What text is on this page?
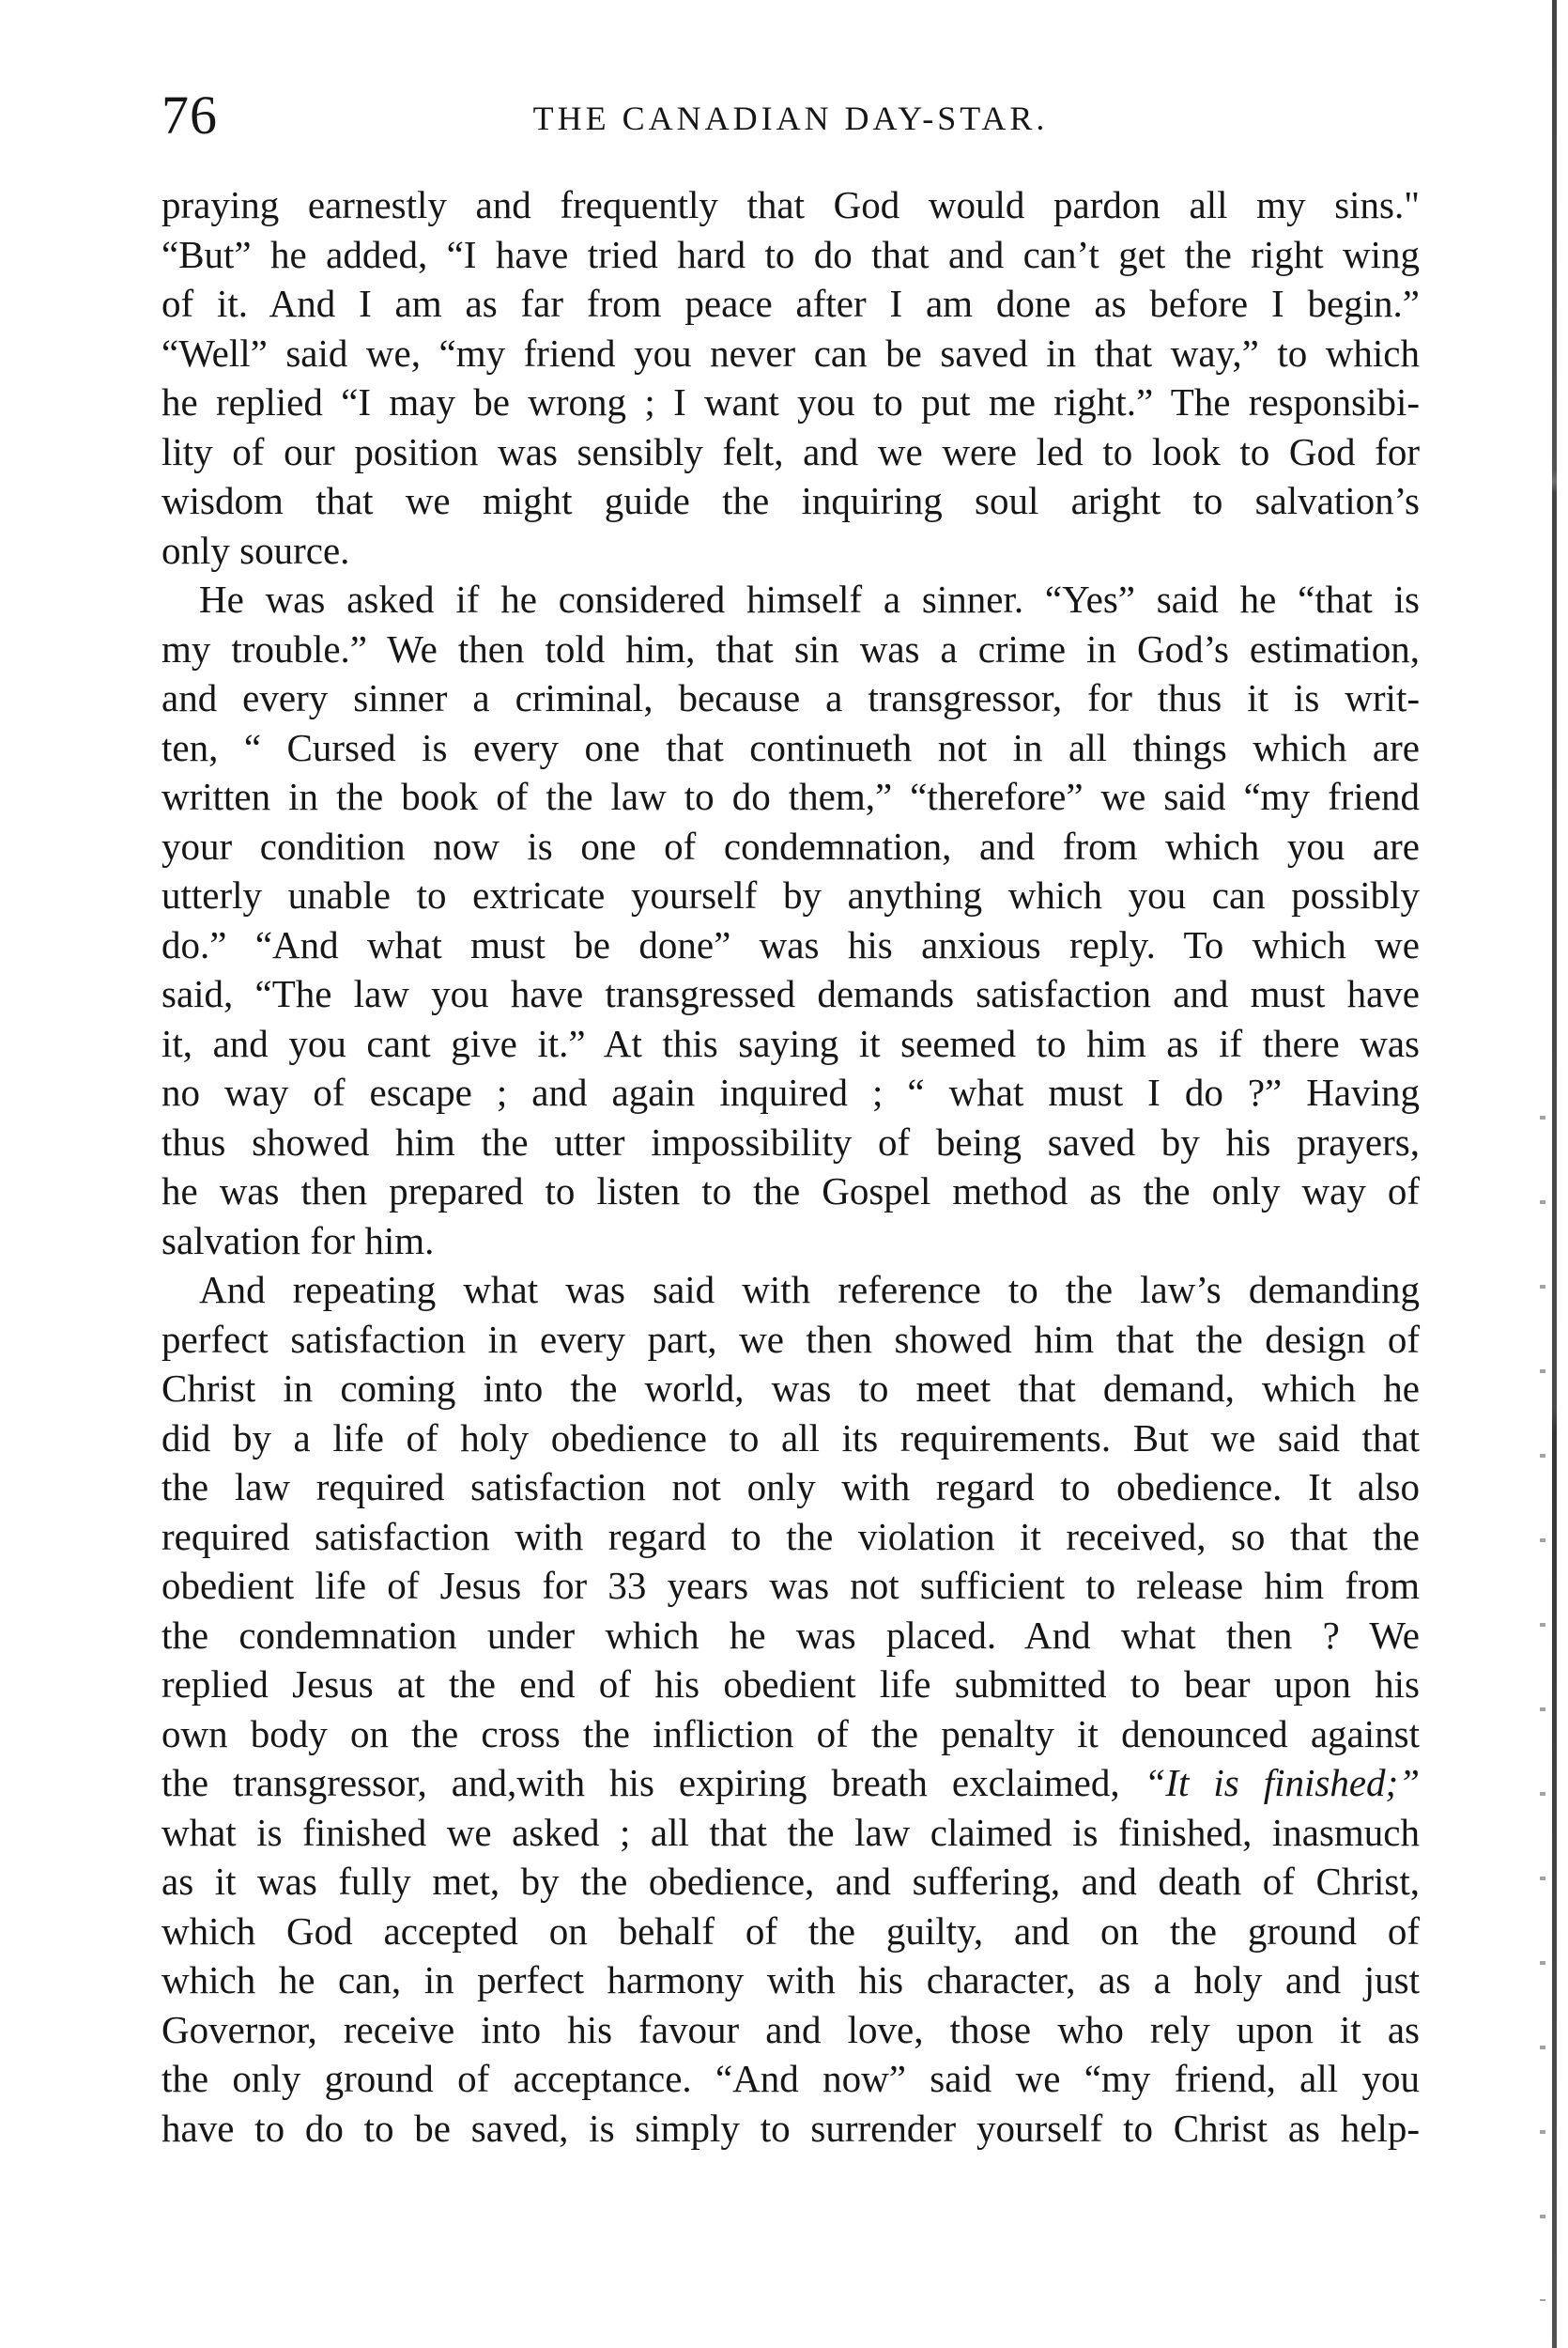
76	THE CANADIAN DAY-STAR.
praying earnestly and frequently that God would pardon all my sins."
“But” he added, “I have tried hard to do that and can’t get the right wing
of it. And I am as far from peace after I am done as before I begin.”
“Well” said we, “my friend you never can be saved in that way,” to which
he replied “I may be wrong ; I want you to put me right.” The responsibi-
lity of our position was sensibly felt, and we were led to look to God for
wisdom that we might guide the inquiring soul aright to salvation’s
only source.
He was asked if he considered himself a sinner. “Yes” said he “that is
my trouble.” We then told him, that sin was a crime in God’s estimation,
and every sinner a criminal, because a transgressor, for thus it is writ-
ten, “ Cursed is every one that continueth not in all things which are
written in the book of the law to do them,” “therefore” we said “my friend
your condition now is one of condemnation, and from which you are
utterly unable to extricate yourself by anything which you can possibly
do.” “And what must be done” was his anxious reply. To which we
said, “The law you have transgressed demands satisfaction and must have
it, and you cant give it.” At this saying it seemed to him as if there was
no way of escape ; and again inquired ; “ what must I do ?” Having
thus showed him the utter impossibility of being saved by his prayers,
he was then prepared to listen to the Gospel method as the only way of
salvation for him.
And repeating what was said with reference to the law’s demanding
perfect satisfaction in every part, we then showed him that the design of
Christ in coming into the world, was to meet that demand, which he
did by a life of holy obedience to all its requirements. But we said that
the law required satisfaction not only with regard to obedience. It also
required satisfaction with regard to the violation it received, so that the
obedient life of Jesus for 33 years was not sufficient to release him from
the condemnation under which he was placed. And what then ? We
replied Jesus at the end of his obedient life submitted to bear upon his
own body on the cross the infliction of the penalty it denounced against
the transgressor, and,with his expiring breath exclaimed, “It is finished;”
what is finished we asked ; all that the law claimed is finished, inasmuch
as it was fully met, by the obedience, and suffering, and death of Christ,
which God accepted on behalf of the guilty, and on the ground of
which he can, in perfect harmony with his character, as a holy and just
Governor, receive into his favour and love, those who rely upon it as
the only ground of acceptance. “And now” said we “my friend, all you
have to do to be saved, is simply to surrender yourself to Christ as help-
